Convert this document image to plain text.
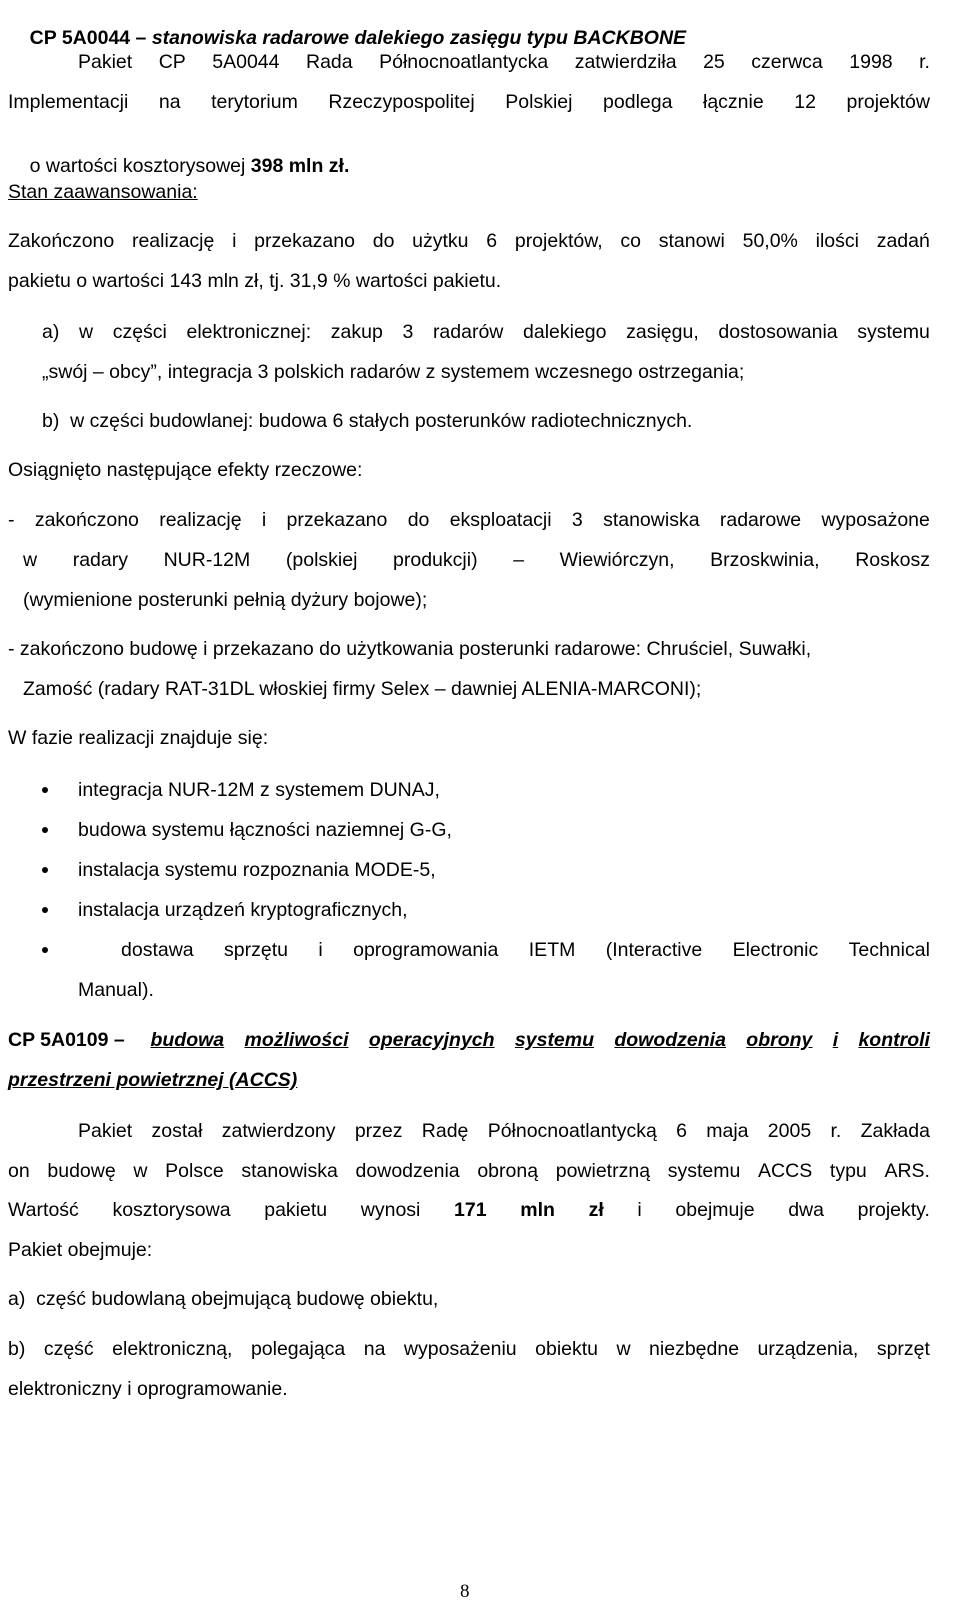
CP 5A0044 – stanowiska radarowe dalekiego zasięgu typu BACKBONE

Pakiet CP 5A0044 Rada Północnoatlantycka zatwierdziła 25 czerwca 1998 r.
Implementacji na terytorium Rzeczypospolitej Polskiej podlega łącznie 12 projektów

o wartości kosztorysowej 398 mln zł.

Stan zaawansowania:
Zakończono realizację i przekazano do użytku 6 projektów, co stanowi 50,0% ilości zadań
pakietu o wartości 143 mln zł, tj. 31,9 % wartości pakietu.
a) w części elektronicznej: zakup 3 radarów dalekiego zasięgu, dostosowania systemu
„swój – obcy”, integracja 3 polskich radarów z systemem wczesnego ostrzegania;
b)  w części budowlanej: budowa 6 stałych posterunków radiotechnicznych.
Osiągnięto następujące efekty rzeczowe:
- zakończono realizację i przekazano do eksploatacji 3 stanowiska radarowe wyposażone
w radary NUR-12M (polskiej produkcji) – Wiewiórczyn, Brzoskwinia, Roskosz
(wymienione posterunki pełnią dyżury bojowe);
- zakończono budowę i przekazano do użytkowania posterunki radarowe: Chruściel, Suwałki,
Zamość (radary RAT-31DL włoskiej firmy Selex – dawniej ALENIA-MARCONI);
W fazie realizacji znajduje się:
integracja NUR-12M z systemem DUNAJ,
budowa systemu łączności naziemnej G-G,
instalacja systemu rozpoznania MODE-5,
instalacja urządzeń kryptograficznych,
dostawa sprzętu i oprogramowania IETM (Interactive Electronic Technical
Manual).
CP 5A0109 – budowa możliwości operacyjnych systemu dowodzenia obrony i kontroli
przestrzeni powietrznej (ACCS)
Pakiet został zatwierdzony przez Radę Północnoatlantycką 6 maja 2005 r. Zakłada
on budowę w Polsce stanowiska dowodzenia obroną powietrzną systemu ACCS typu ARS.
Wartość kosztorysowa pakietu wynosi 171 mln zł i obejmuje dwa projekty.
Pakiet obejmuje:
a)  część budowlaną obejmującą budowę obiektu,
b) część elektroniczną, polegająca na wyposażeniu obiektu w niezbędne urządzenia, sprzęt
elektroniczny i oprogramowanie.
8
